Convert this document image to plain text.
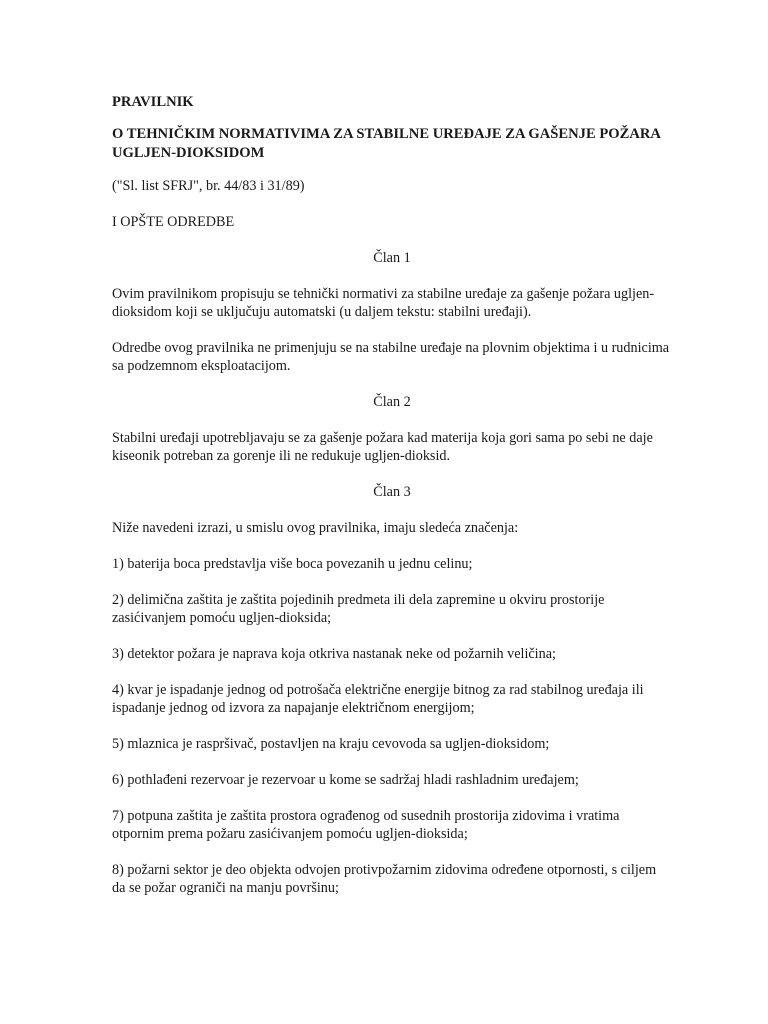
PRAVILNIK
O TEHNIČKIM NORMATIVIMA ZA STABILNE UREĐAJE ZA GAŠENJE POŽARA UGLJEN-DIOKSIDOM
("Sl. list SFRJ", br. 44/83 i 31/89)
I OPŠTE ODREDBE
Član 1
Ovim pravilnikom propisuju se tehnički normativi za stabilne uređaje za gašenje požara ugljen-dioksidom koji se uključuju automatski (u daljem tekstu: stabilni uređaji).
Odredbe ovog pravilnika ne primenjuju se na stabilne uređaje na plovnim objektima i u rudnicima sa podzemnom eksploatacijom.
Član 2
Stabilni uređaji upotrebljavaju se za gašenje požara kad materija koja gori sama po sebi ne daje kiseonik potreban za gorenje ili ne redukuje ugljen-dioksid.
Član 3
Niže navedeni izrazi, u smislu ovog pravilnika, imaju sledeća značenja:
1) baterija boca predstavlja više boca povezanih u jednu celinu;
2) delimična zaštita je zaštita pojedinih predmeta ili dela zapremine u okviru prostorije zasićivanjem pomoću ugljen-dioksida;
3) detektor požara je naprava koja otkriva nastanak neke od požarnih veličina;
4) kvar je ispadanje jednog od potrošača električne energije bitnog za rad stabilnog uređaja ili ispadanje jednog od izvora za napajanje električnom energijom;
5) mlaznica je raspršivač, postavljen na kraju cevovoda sa ugljen-dioksidom;
6) pothlađeni rezervoar je rezervoar u kome se sadržaj hladi rashladnim uređajem;
7) potpuna zaštita je zaštita prostora ograđenog od susednih prostorija zidovima i vratima otpornim prema požaru zasićivanjem pomoću ugljen-dioksida;
8) požarni sektor je deo objekta odvojen protivpožarnim zidovima određene otpornosti, s ciljem da se požar ograniči na manju površinu;
